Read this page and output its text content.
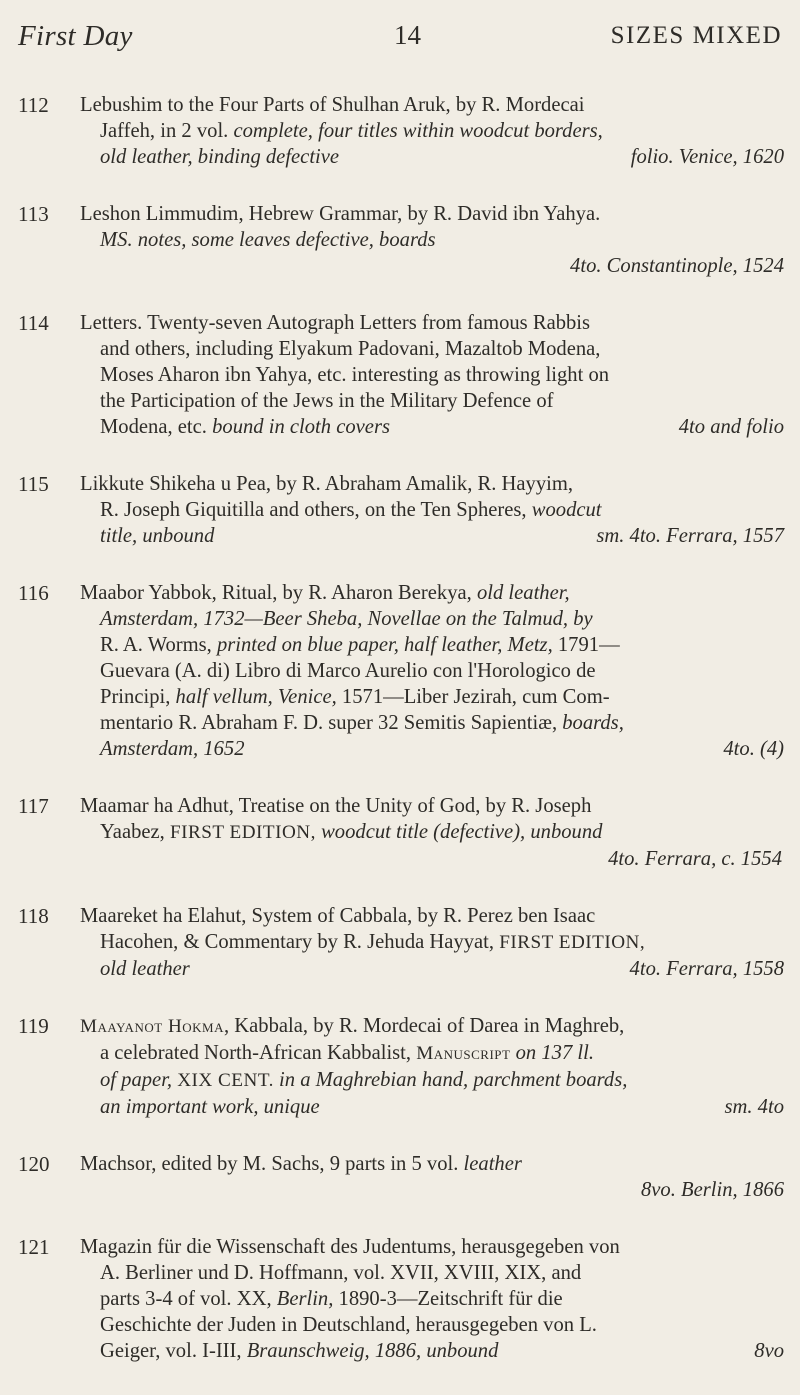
First Day	14	SIZES MIXED
112 Lebushim to the Four Parts of Shulhan Aruk, by R. Mordecai

Jaffeh, in 2 vol. complete, four titles within woodcut borders,

old leather, binding defective	folio. Venice, 1620

113 Leshon Limmudim, Hebrew Grammar, by R. David ibn Yahya.

MS. notes, some leaves defective, boards

4to. Constantinople, 1524

114 Letters. Twenty-seven Autograph Letters from famous Rabbis

and others, including Elyakum Padovani, Mazaltob Modena,

Moses Aharon ibn Yahya, etc. interesting as throwing light on

the Participation of the Jews in the Military Defence of

Modena, etc. bound in cloth covers	4to and folio

115 Likkute Shikeha u Pea, by R. Abraham Amalik, R. Hayyim,

R. Joseph Giquitilla and others, on the Ten Spheres, woodcut

title, unbound	sm. 4to. Ferrara, 1557

116 Maabor Yabbok, Ritual, by R. Aharon Berekya, old leather,

Amsterdam, 1732—Beer Sheba, Novellae on the Talmud, by

R. A. Worms, printed on blue paper, half leather, Metz, 1791—

Guevara (A. di) Libro di Marco Aurelio con l'Horologico de

Principi, half vellum, Venice, 1571—Liber Jezirah, cum Com-

mentario R. Abraham F. D. super 32 Semitis Sapientiæ, boards,

Amsterdam, 1652	4to. (4)

117 Maamar ha Adhut, Treatise on the Unity of God, by R. Joseph

Yaabez, FIRST EDITION, woodcut title (defective), unbound

4to. Ferrara, c. 1554

118 Maareket ha Elahut, System of Cabbala, by R. Perez ben Isaac

Hacohen, & Commentary by R. Jehuda Hayyat, FIRST EDITION,

old leather	4to. Ferrara, 1558

119 Maayanot Hokma, Kabbala, by R. Mordecai of Darea in Maghreb,

a celebrated North-African Kabbalist, Manuscript on 137 ll.

of paper, XIX CENT. in a Maghrebian hand, parchment boards,

an important work, unique	sm. 4to

120 Machsor, edited by M. Sachs, 9 parts in 5 vol. leather

8vo. Berlin, 1866

121 Magazin für die Wissenschaft des Judentums, herausgegeben von

A. Berliner und D. Hoffmann, vol. XVII, XVIII, XIX, and

parts 3-4 of vol. XX, Berlin, 1890-3—Zeitschrift für die

Geschichte der Juden in Deutschland, herausgegeben von L.

Geiger, vol. I-III, Braunschweig, 1886, unbound	8vo
